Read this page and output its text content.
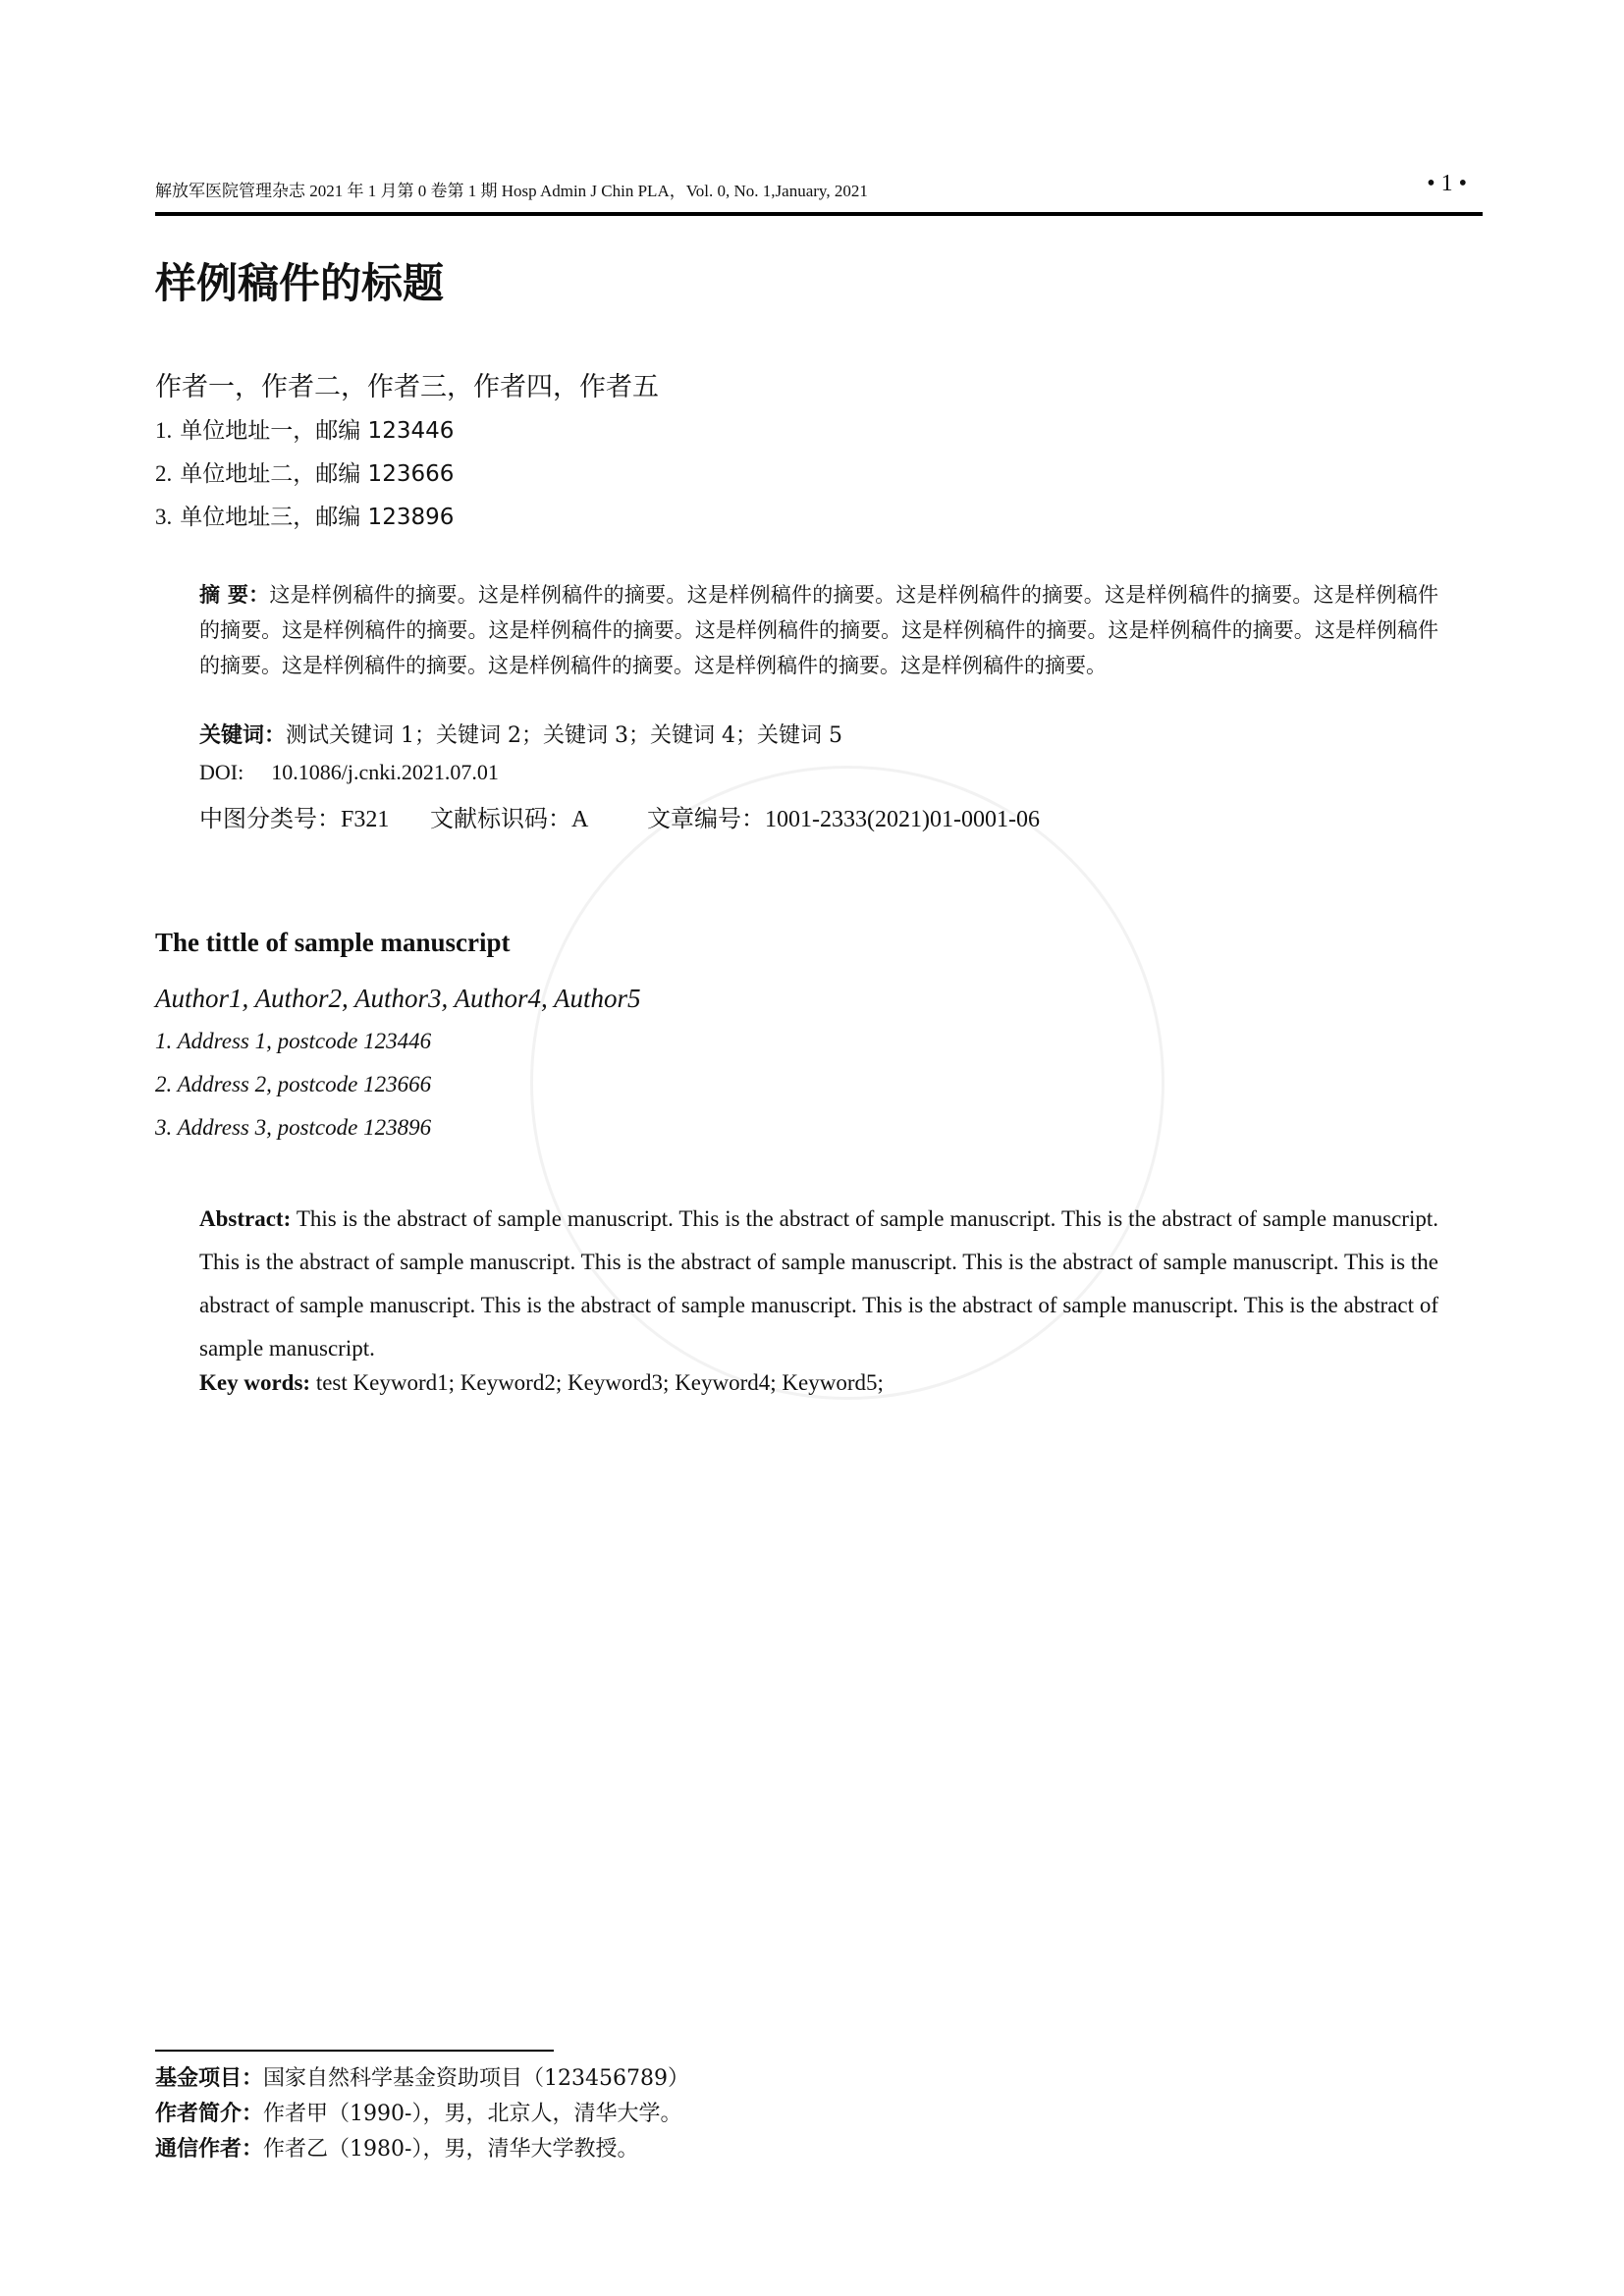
解放军医院管理杂志 2021 年 1 月第 0 卷第 1 期 Hosp Admin J Chin PLA，Vol. 0, No. 1,January, 2021	• 1 •
样例稿件的标题
作者一，作者二，作者三，作者四，作者五
1. 单位地址一，邮编 123446
2. 单位地址二，邮编 123666
3. 单位地址三，邮编 123896
摘 要：这是样例稿件的摘要。这是样例稿件的摘要。这是样例稿件的摘要。这是样例稿件的摘要。这是样例稿件的摘要。这是样例稿件的摘要。这是样例稿件的摘要。这是样例稿件的摘要。这是样例稿件的摘要。这是样例稿件的摘要。这是样例稿件的摘要。这是样例稿件的摘要。这是样例稿件的摘要。这是样例稿件的摘要。这是样例稿件的摘要。这是样例稿件的摘要。
关键词：测试关键词 1；关键词 2；关键词 3；关键词 4；关键词 5
DOI: 10.1086/j.cnki.2021.07.01
中图分类号：F321 文献标识码：A 文章编号：1001-2333(2021)01-0001-06
The tittle of sample manuscript
Author1, Author2, Author3, Author4, Author5
1. Address 1, postcode 123446
2. Address 2, postcode 123666
3. Address 3, postcode 123896
Abstract: This is the abstract of sample manuscript. This is the abstract of sample manuscript. This is the abstract of sample manuscript. This is the abstract of sample manuscript. This is the abstract of sample manuscript. This is the abstract of sample manuscript. This is the abstract of sample manuscript. This is the abstract of sample manuscript. This is the abstract of sample manuscript. This is the abstract of sample manuscript.
Key words: test Keyword1; Keyword2; Keyword3; Keyword4; Keyword5;
基金项目：国家自然科学基金资助项目（123456789）
作者简介：作者甲（1990-），男，北京人，清华大学。
通信作者：作者乙（1980-），男，清华大学教授。
